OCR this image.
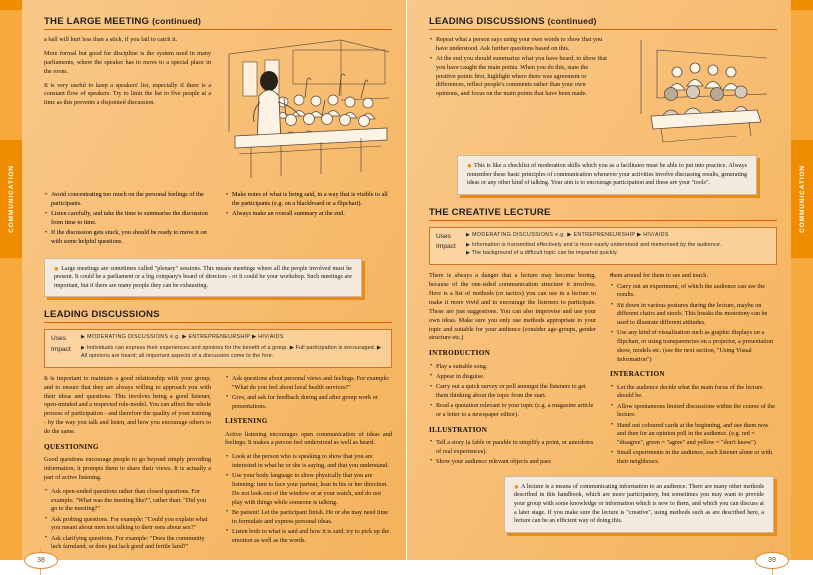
COMMUNICATION	COMMUNICATION
THE LARGE MEETING (continued)

a ball will hurt less than a stick, if you fail to catch it.

More formal but good for discipline is the system used in many parliaments, where the speaker has to move to a special place in the room.

It is very useful to keep a speakers' list, especially if there is a constant flow of speakers. Try to limit the list to five people at a time as this prevents a disjointed discussion.

• Avoid concentrating too much on the personal feelings of the participants.
• Listen carefully, and take the time to summarise the discussion from time to time.
• If the discussion gets stuck, you should be ready to move it on with some helpful questions.
• Make notes of what is being said, in a way that is visible to all the participants (e.g. on a blackboard or a flipchart).
• Always make an overall summary at the end.
● Large meetings are sometimes called "plenary" sessions. This means meetings where all the people involved must be present. It could be a parliament or a big company's board of directors - or it could be your workshop. Such meetings are important, but if there are many people they can be exhausting.
LEADING DISCUSSIONS
Uses	▶ MODERATING DISCUSSIONS e.g. ▶ ENTREPRENEURSHIP ▶ HIV/AIDS
Impact	▶ Individuals can express their experiences and opinions for the benefit of a group. ▶ Full participation is encouraged. ▶ All opinions are heard; all important aspects of a discussion come to the fore.

It is important to maintain a good relationship with your group, and to ensure that they are always willing to approach you with their ideas and questions. This involves being a good listener, open-minded and a respected role-model. You can affect the whole process of participation - and therefore the quality of your training - by the way you talk and listen, and how you encourage others to do the same.

QUESTIONING

Good questions encourage people to go beyond simply providing information, it prompts them to share their views. It is actually a part of active listening.

• Ask open-ended questions rather than closed questions. For example: "What was the meeting like?", rather than: "Did you go to the meeting?"
• Ask probing questions. For example: "Could you explain what you meant about men not talking to their sons about sex?"
• Ask clarifying questions. For example: "Does the community lack farmland, or does just lack good and fertile land?"
• Ask questions about personal views and feelings. For example: "What do you feel about local health services?"
• Give, and ask for feedback during and after group work or presentations.
LISTENING

Active listening encourages open communication of ideas and feelings. It makes a person feel understood as well as heard.

• Look at the person who is speaking to show that you are interested in what he or she is saying, and that you understand.
• Use your body language to show physically that you are listening: turn to face your partner, lean in his or her direction. Do not look out of the window or at your watch, and do not play with things while someone is talking.
• Be patient! Let the participant finish. He or she may need time to formulate and express personal ideas.
• Listen both to what is said and how it is said; try to pick up the emotion as well as the words.
LEADING DISCUSSIONS (continued)
• Repeat what a person says using your own words to show that you have understood. Ask further questions based on this.
• At the end you should summarise what you have heard, to show that you have caught the main points. When you do this, state the positive points first, highlight where there was agreement or differences, reflect people's comments rather than your own opinions, and focus on the main points that have been made.
● This is like a checklist of moderation skills which you as a facilitator must be able to put into practice. Always remember these basic principles of communication whenever your activities involve discussing results, generating ideas or any other kind of talking. Your aim is to encourage participation and these are your "tools".
THE CREATIVE LECTURE
Uses	▶ MODERATING DISCUSSIONS e.g. ▶ ENTREPRENEURSHIP ▶ HIV/AIDS
Impact	▶ Information is transmitted effectively and is more easily understood and memorised by the audience.
▶ The background of a difficult topic can be imparted quickly.

There is always a danger that a lecture may become boring, because of the one-sided communication structure it involves. Here is a list of methods (or tactics) you can use in a lecture to make it more vivid and to encourage the listeners to participate. These are just suggestions. You can also improvise and use your own ideas. Make sure you only use methods appropriate to your topic and suitable for your audience (consider age-groups, gender structure etc.)

INTRODUCTION
• Play a suitable song.
• Appear in disguise.
• Carry out a quick survey or poll amongst the listeners to get them thinking about the topic from the start.
• Read a quotation relevant to your topic (e.g. a magazine article or a letter to a newspaper editor).
ILLUSTRATION
• Tell a story (a fable or parable to simplify a point, or anecdotes of real experiences).
• Show your audience relevant objects and pass
• them around for them to see and touch.
• Carry out an experiment, of which the audience can see the results.
• Sit down in various postures during the lecture, maybe on different chairs and stools. This breaks the monotony can be used to illustrate different attitudes.
• Use any kind of visualisation such as graphic displays on a flipchart, or using transparencies on a projector, a presentation show, models etc. (see the next section, "Using Visual Information")
INTERACTION
• Let the audience decide what the main focus of the lecture should be.
• Allow spontaneous limited discussions within the course of the lecture.
• Hand out coloured cards at the beginning, and use them now and then for an opinion poll in the audience. (e.g. red = "disagree", green = "agree" and yellow = "don't know")
• Small experiments in the audience, each listener alone or with their neighbours.
● A lecture is a means of communicating information to an audience. There are many other methods described in this handbook, which are more participatory, but sometimes you may want to provide your group with some knowledge or information which is new to them, and which you can discuss at a later stage. If you make sure the lecture is "creative", using methods such as are described here, a lecture can be an efficient way of doing this.
38	39
